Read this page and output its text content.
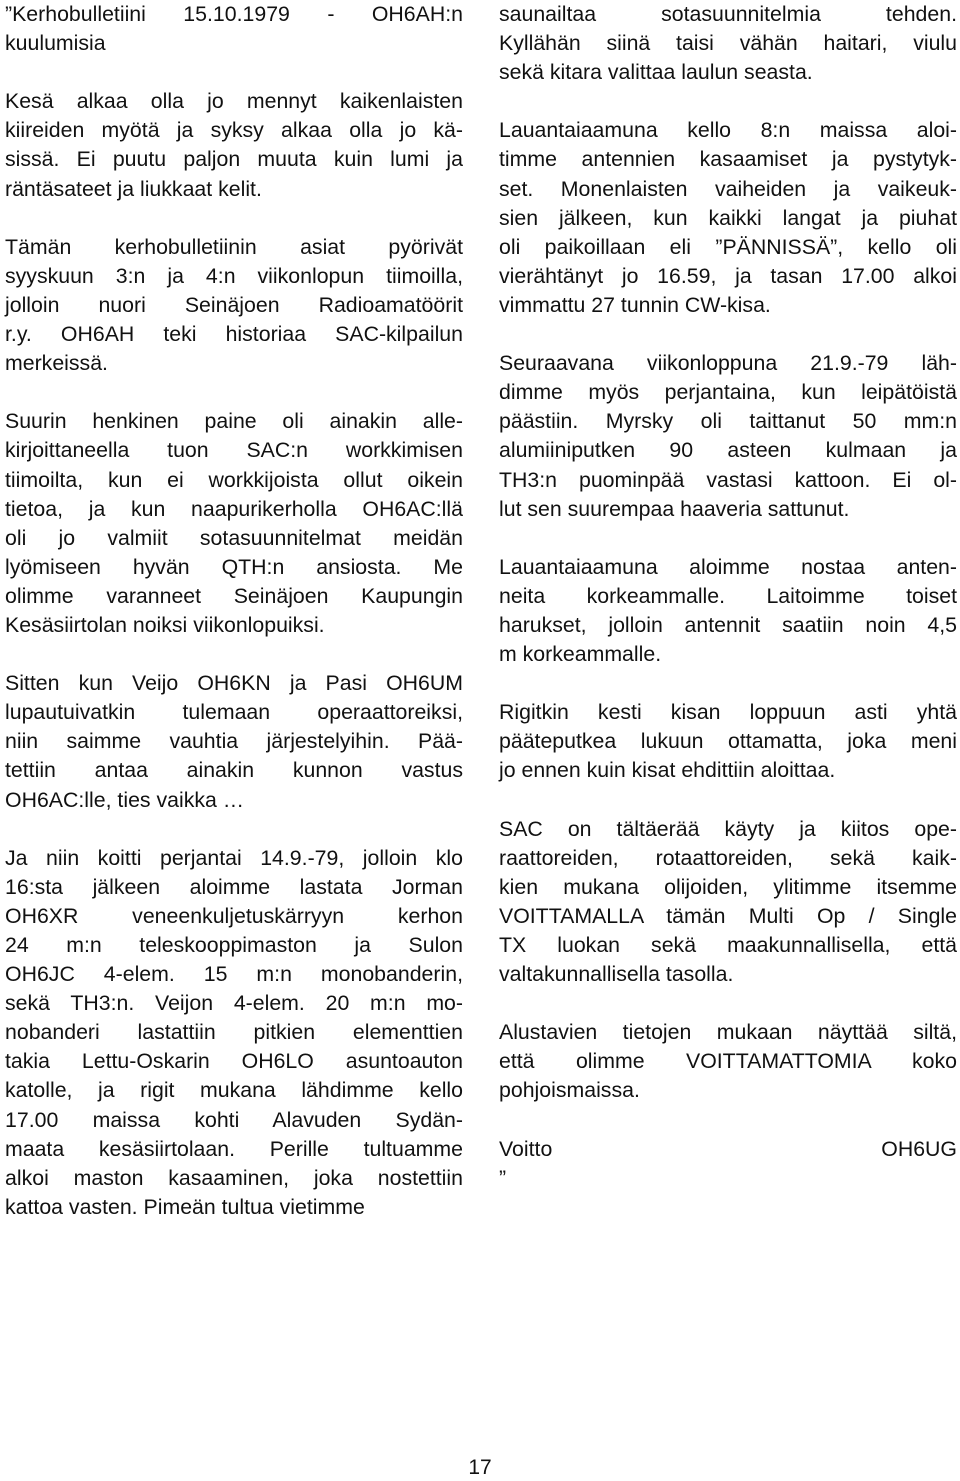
”Kerhobulletiini 15.10.1979 - OH6AH:n
kuulumisia
Kesä alkaa olla jo mennyt kaikenlaisten
kiireiden myötä ja syksy alkaa olla jo kä-
sissä. Ei puutu paljon muuta kuin lumi ja
räntäsateet ja liukkaat kelit.
Tämän kerhobulletiinin asiat pyörivät
syyskuun 3:n ja 4:n viikonlopun tiimoilla,
jolloin nuori Seinäjoen Radioamatöörit
r.y. OH6AH teki historiaa SAC-kilpailun
merkeissä.
Suurin henkinen paine oli ainakin alle-
kirjoittaneella tuon SAC:n workkimisen
tiimoilta, kun ei workkijoista ollut oikein
tietoa, ja kun naapurikerholla OH6AC:llä
oli jo valmiit sotasuunnitelmat meidän
lyömiseen hyvän QTH:n ansiosta. Me
olimme varanneet Seinäjoen Kaupungin
Kesäsiirtolan noiksi viikonlopuiksi.
Sitten kun Veijo OH6KN ja Pasi OH6UM
lupautuivatkin tulemaan operaattoreiksi,
niin saimme vauhtia järjestelyihin. Pää-
tettiin antaa ainakin kunnon vastus
OH6AC:lle, ties vaikka …
Ja niin koitti perjantai 14.9.-79, jolloin klo
16:sta jälkeen aloimme lastata Jorman
OH6XR veneenkuljetuskärryyn kerhon
24 m:n teleskooppimaston ja Sulon
OH6JC 4-elem. 15 m:n monobanderin,
sekä TH3:n. Veijon 4-elem. 20 m:n mo-
nobanderi lastattiin pitkien elementtien
takia Lettu-Oskarin OH6LO asuntoauton
katolle, ja rigit mukana lähdimme kello
17.00 maissa kohti Alavuden Sydän-
maata kesäsiirtolaan. Perille tultuamme
alkoi maston kasaaminen, joka nostettiin
kattoa vasten. Pimeän tultua vietimme
saunailtaa sotasuunnitelmia tehden.
Kyllähän siinä taisi vähän haitari, viulu
sekä kitara valittaa laulun seasta.
Lauantaiaamuna kello 8:n maissa aloi-
timme antennien kasaamiset ja pystytyk-
set. Monenlaisten vaiheiden ja vaikeuk-
sien jälkeen, kun kaikki langat ja piuhat
oli paikoillaan eli ”PÄNNISSÄ”, kello oli
vierähtänyt jo 16.59, ja tasan 17.00 alkoi
vimmattu 27 tunnin CW-kisa.
Seuraavana viikonloppuna 21.9.-79 läh-
dimme myös perjantaina, kun leipätöistä
päästiin. Myrsky oli taittanut 50 mm:n
alumiiniputken 90 asteen kulmaan ja
TH3:n puominpää vastasi kattoon. Ei ol-
lut sen suurempaa haaveria sattunut.
Lauantaiaamuna aloimme nostaa anten-
neita korkeammalle. Laitoimme toiset
harukset, jolloin antennit saatiin noin 4,5
m korkeammalle.
Rigitkin kesti kisan loppuun asti yhtä
pääteputkea lukuun ottamatta, joka meni
jo ennen kuin kisat ehdittiin aloittaa.
SAC on tältäerää käyty ja kiitos ope-
raattoreiden, rotaattoreiden, sekä kaik-
kien mukana olijoiden, ylitimme itsemme
VOITTAMALLA tämän Multi Op / Single
TX luokan sekä maakunnallisella, että
valtakunnallisella tasolla.
Alustavien tietojen mukaan näyttää siltä,
että olimme VOITTAMATTOMIA koko
pohjoismaissa.
Voitto OH6UG
”
17
